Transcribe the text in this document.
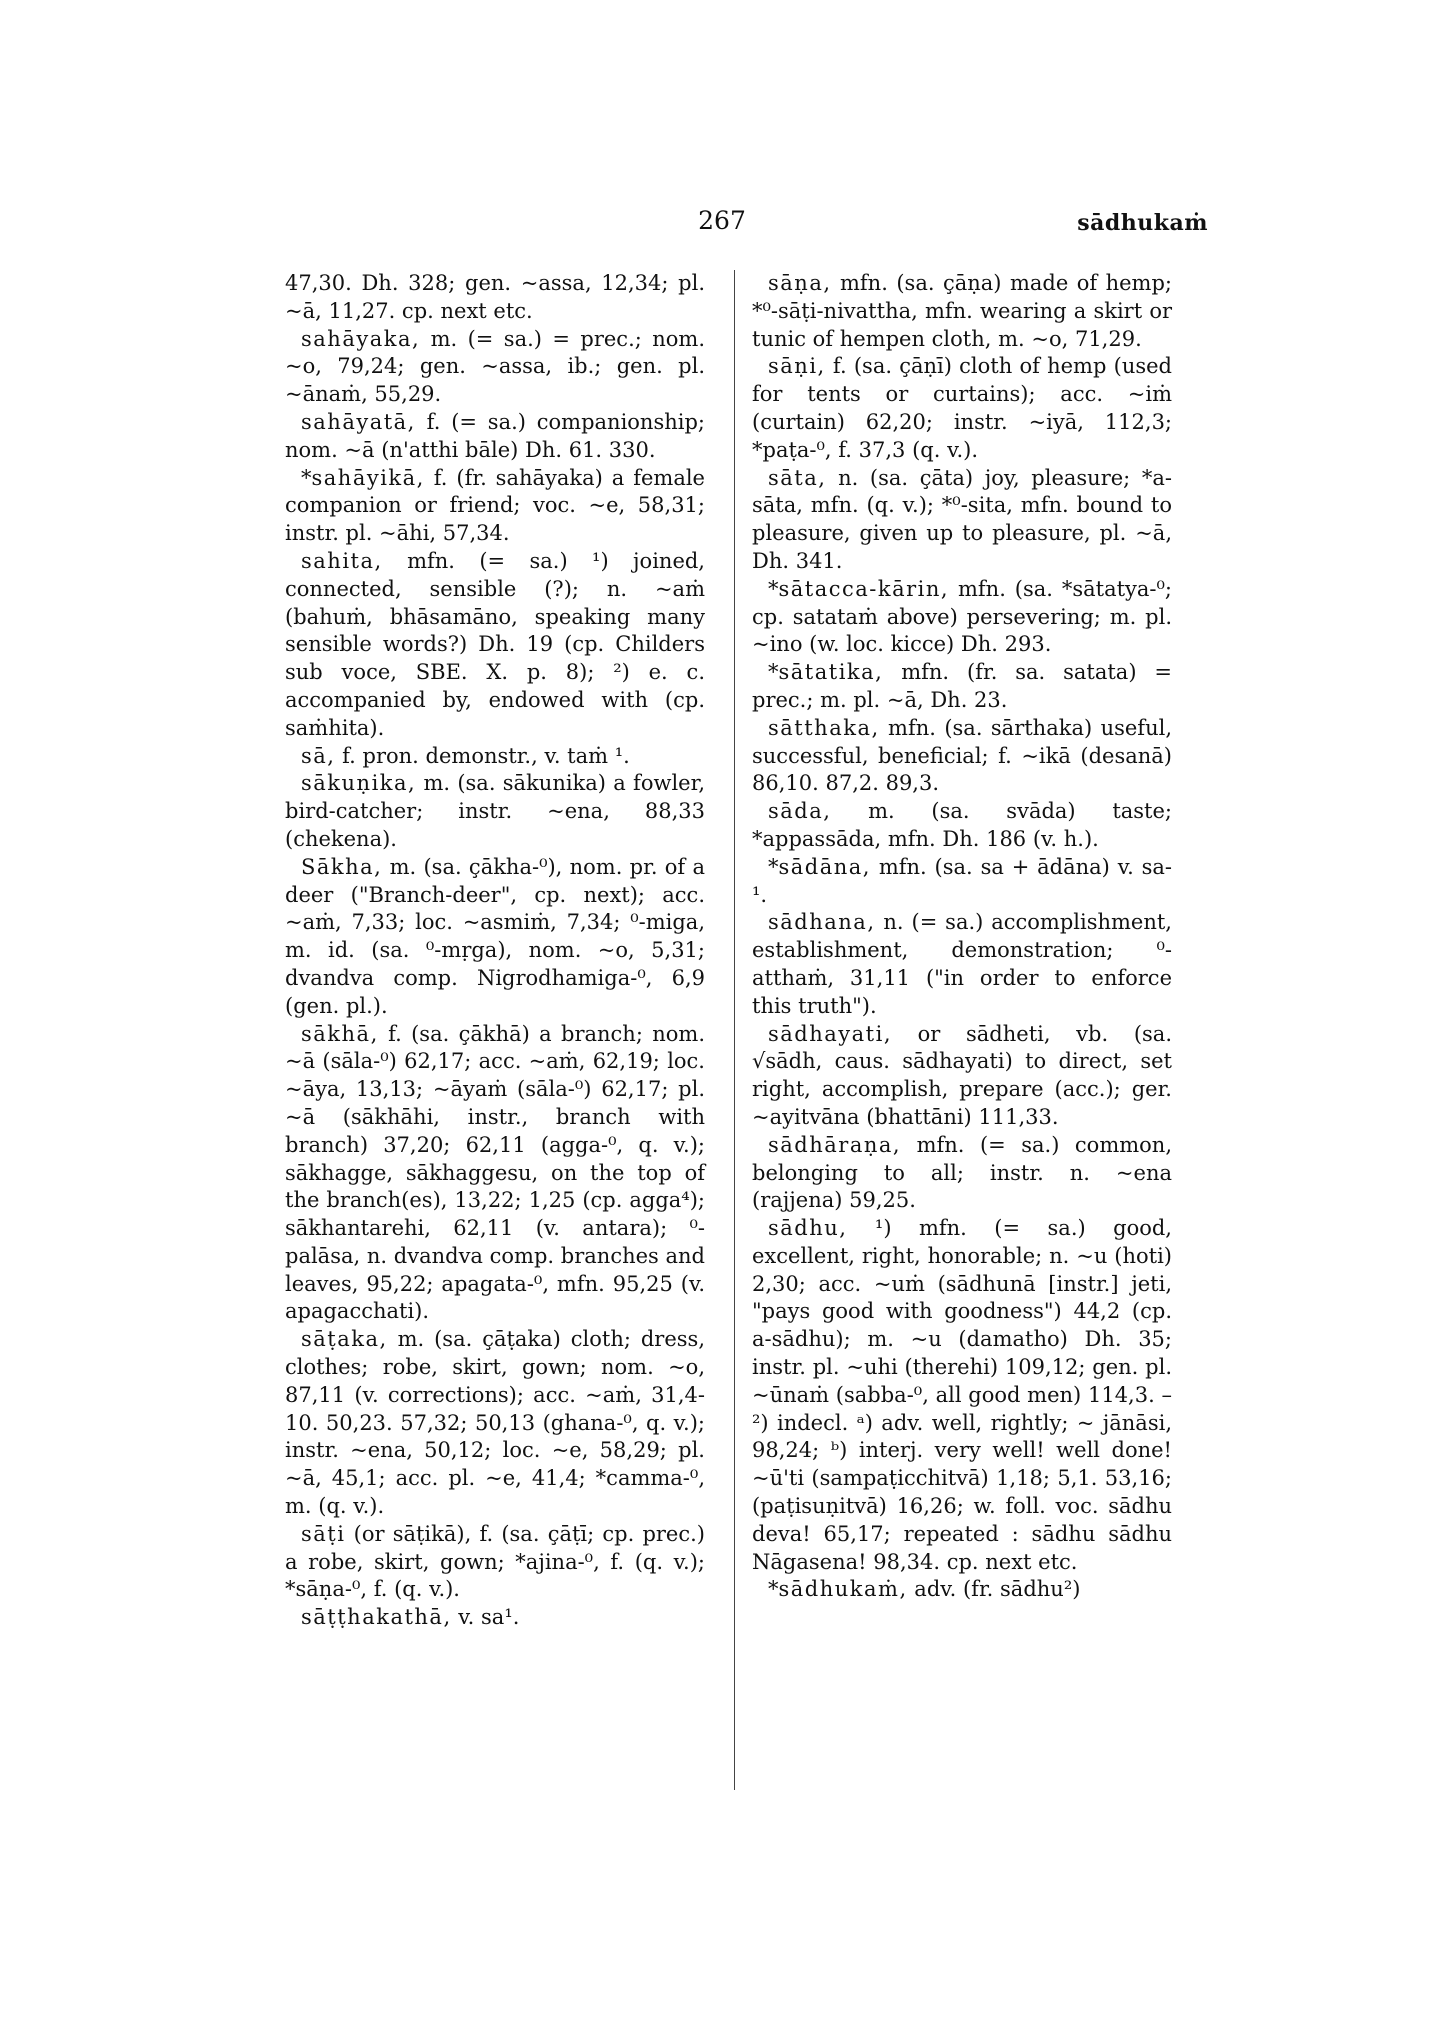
267	sādhukaṁ

47,30. Dh. 328; gen. ~assa, 12,34; pl. ~ā, 11,27. cp. next etc.

sahāyaka, m. (= sa.) = prec.; nom. ~o, 79,24; gen. ~assa, ib.; gen. pl. ~ānaṁ, 55,29.

sahāyatā, f. (= sa.) companionship; nom. ~ā (n'atthi bāle) Dh. 61. 330.

*sahāyikā, f. (fr. sahāyaka) a female companion or friend; voc. ~e, 58,31; instr. pl. ~āhi, 57,34.

sahita, mfn. (= sa.) ¹) joined, connected, sensible (?); n. ~aṁ (bahuṁ, bhāsamāno, speaking many sensible words?) Dh. 19 (cp. Childers sub voce, SBE. X. p. 8); ²) e. c. accompanied by, endowed with (cp. saṁhita).

sā, f. pron. demonstr., v. taṁ ¹.

sākuṇika, m. (sa. sākunika) a fowler, bird-catcher; instr. ~ena, 88,33 (chekena).

Sākha, m. (sa. çākha-⁰), nom. pr. of a deer ("Branch-deer", cp. next); acc. ~aṁ, 7,33; loc. ~asmiṁ, 7,34; ⁰-miga, m. id. (sa. ⁰-mṛga), nom. ~o, 5,31; dvandva comp. Nigrodhamiga-⁰, 6,9 (gen. pl.).

sākhā, f. (sa. çākhā) a branch; nom. ~ā (sāla-⁰) 62,17; acc. ~aṁ, 62,19; loc. ~āya, 13,13; ~āyaṁ (sāla-⁰) 62,17; pl. ~ā (sākhāhi, instr., branch with branch) 37,20; 62,11 (agga-⁰, q. v.); sākhagge, sākhaggesu, on the top of the branch(es), 13,22; 1,25 (cp. agga⁴); sākhantarehi, 62,11 (v. antara); ⁰-palāsa, n. dvandva comp. branches and leaves, 95,22; apagata-⁰, mfn. 95,25 (v. apagacchati).

sāṭaka, m. (sa. çāṭaka) cloth; dress, clothes; robe, skirt, gown; nom. ~o, 87,11 (v. corrections); acc. ~aṁ, 31,4-10. 50,23. 57,32; 50,13 (ghana-⁰, q. v.); instr. ~ena, 50,12; loc. ~e, 58,29; pl. ~ā, 45,1; acc. pl. ~e, 41,4; *camma-⁰, m. (q. v.).

sāṭi (or sāṭikā), f. (sa. çāṭī; cp. prec.) a robe, skirt, gown; *ajina-⁰, f. (q. v.); *sāṇa-⁰, f. (q. v.).

sāṭṭhakathā, v. sa¹.

sāṇa, mfn. (sa. çāṇa) made of hemp; *⁰-sāṭi-nivattha, mfn. wearing a skirt or tunic of hempen cloth, m. ~o, 71,29.

sāṇi, f. (sa. çāṇī) cloth of hemp (used for tents or curtains); acc. ~iṁ (curtain) 62,20; instr. ~iyā, 112,3; *paṭa-⁰, f. 37,3 (q. v.).

sāta, n. (sa. çāta) joy, pleasure; *a-sāta, mfn. (q. v.); *⁰-sita, mfn. bound to pleasure, given up to pleasure, pl. ~ā, Dh. 341.

*sātacca-kārin, mfn. (sa. *sātatya-⁰; cp. satataṁ above) persevering; m. pl. ~ino (w. loc. kicce) Dh. 293.

*sātatika, mfn. (fr. sa. satata) = prec.; m. pl. ~ā, Dh. 23.

sātthaka, mfn. (sa. sārthaka) useful, successful, beneficial; f. ~ikā (desanā) 86,10. 87,2. 89,3.

sāda, m. (sa. svāda) taste; *appassāda, mfn. Dh. 186 (v. h.).

*sādāna, mfn. (sa. sa + ādāna) v. sa-¹.

sādhana, n. (= sa.) accomplishment, establishment, demonstration; ⁰-atthaṁ, 31,11 ("in order to enforce this truth").

sādhayati, or sādheti, vb. (sa. √sādh, caus. sādhayati) to direct, set right, accomplish, prepare (acc.); ger. ~ayitvāna (bhattāni) 111,33.

sādhāraṇa, mfn. (= sa.) common, belonging to all; instr. n. ~ena (rajjena) 59,25.

sādhu, ¹) mfn. (= sa.) good, excellent, right, honorable; n. ~u (hoti) 2,30; acc. ~uṁ (sādhunā [instr.] jeti, "pays good with goodness") 44,2 (cp. a-sādhu); m. ~u (damatho) Dh. 35; instr. pl. ~uhi (therehi) 109,12; gen. pl. ~ūnaṁ (sabba-⁰, all good men) 114,3. – ²) indecl. ᵃ) adv. well, rightly; ~ jānāsi, 98,24; ᵇ) interj. very well! well done! ~ū'ti (sampaṭicchitvā) 1,18; 5,1. 53,16; (paṭisuṇitvā) 16,26; w. foll. voc. sādhu deva! 65,17; repeated : sādhu sādhu Nāgasena! 98,34. cp. next etc.

*sādhukaṁ, adv. (fr. sādhu²)
